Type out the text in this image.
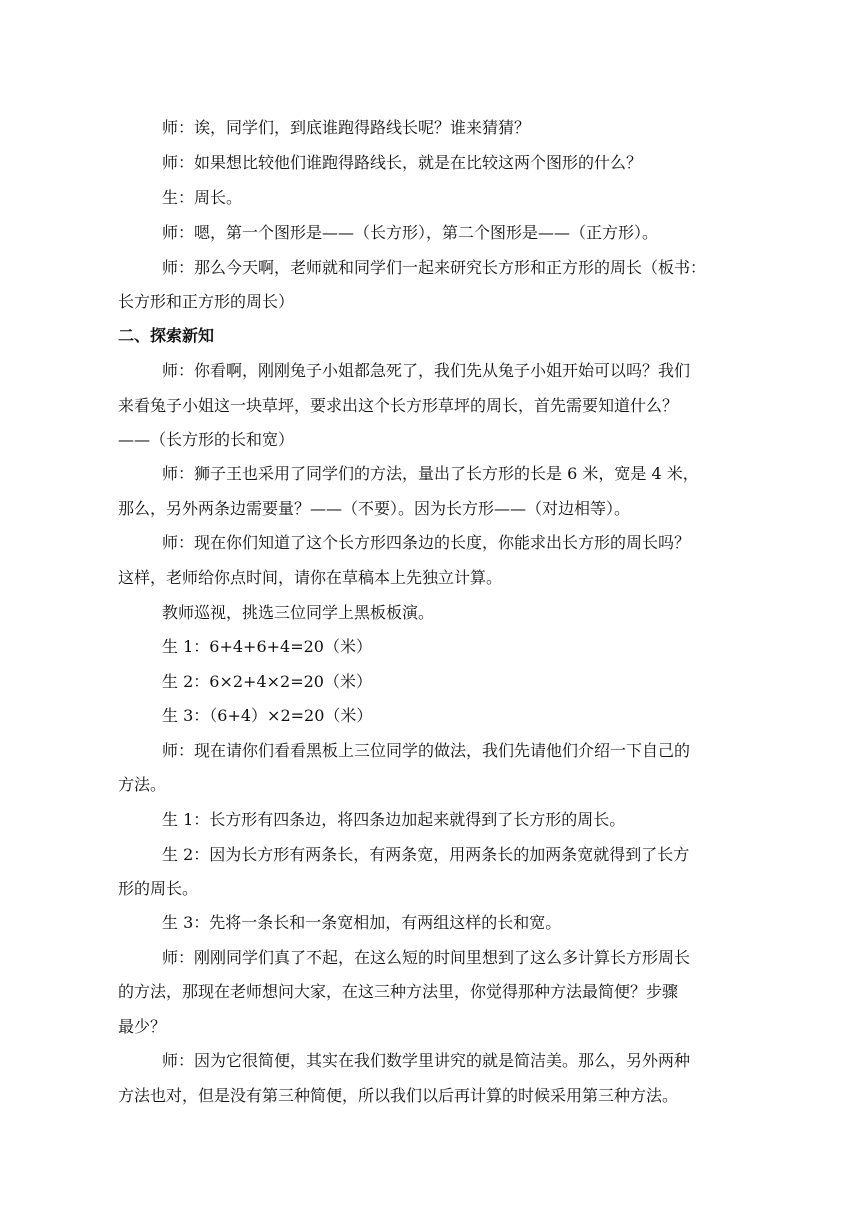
师：诶，同学们，到底谁跑得路线长呢？谁来猜猜？

师：如果想比较他们谁跑得路线长，就是在比较这两个图形的什么？

生：周长。

师：嗯，第一个图形是——（长方形），第二个图形是——（正方形）。

师：那么今天啊，老师就和同学们一起来研究长方形和正方形的周长（板书：

长方形和正方形的周长）

二、探索新知

师：你看啊，刚刚兔子小姐都急死了，我们先从兔子小姐开始可以吗？我们

来看兔子小姐这一块草坪，要求出这个长方形草坪的周长，首先需要知道什么？

——（长方形的长和宽）

师：狮子王也采用了同学们的方法，量出了长方形的长是 6 米，宽是 4 米，

那么，另外两条边需要量？——（不要）。因为长方形——（对边相等）。

师：现在你们知道了这个长方形四条边的长度，你能求出长方形的周长吗？

这样，老师给你点时间，请你在草稿本上先独立计算。

教师巡视，挑选三位同学上黑板板演。

生 1：6+4+6+4=20（米）

生 2：6×2+4×2=20（米）

生 3：（6+4）×2=20（米）

师：现在请你们看看黑板上三位同学的做法，我们先请他们介绍一下自己的

方法。

生 1：长方形有四条边，将四条边加起来就得到了长方形的周长。

生 2：因为长方形有两条长，有两条宽，用两条长的加两条宽就得到了长方

形的周长。

生 3：先将一条长和一条宽相加，有两组这样的长和宽。

师：刚刚同学们真了不起，在这么短的时间里想到了这么多计算长方形周长

的方法，那现在老师想问大家，在这三种方法里，你觉得那种方法最简便？步骤

最少？

师：因为它很简便，其实在我们数学里讲究的就是简洁美。那么，另外两种

方法也对，但是没有第三种简便，所以我们以后再计算的时候采用第三种方法。
